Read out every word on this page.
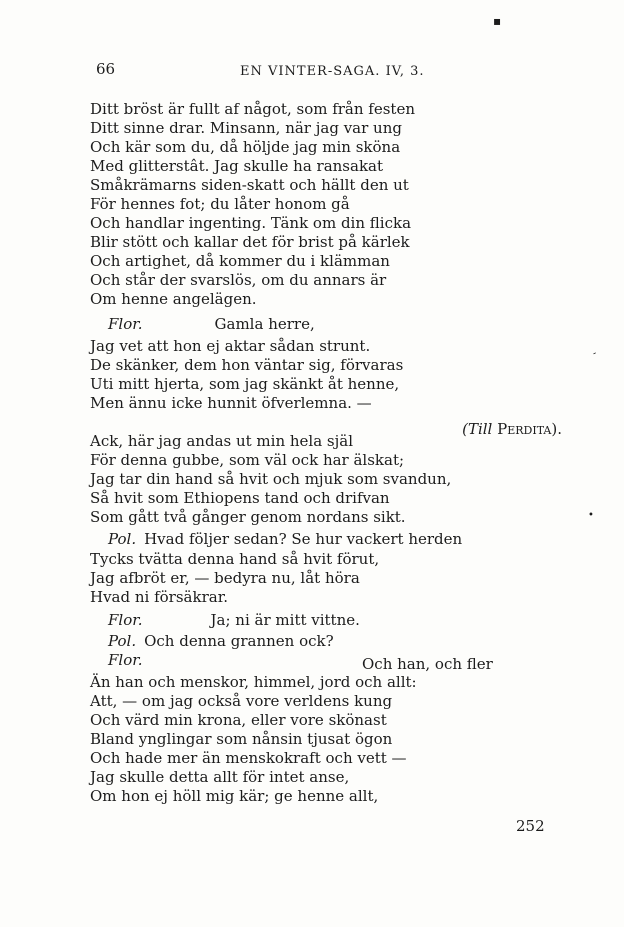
66	EN VINTER-SAGA. IV, 3.
▪
-
•
Ditt bröst är fullt af något, som från festen
Ditt sinne drar. Minsann, när jag var ung
Och kär som du, då höljde jag min sköna
Med glitterstât. Jag skulle ha ransakat
Småkrämarns siden-skatt och hällt den ut
För hennes fot; du låter honom gå
Och handlar ingenting. Tänk om din flicka
Blir stött och kallar det för brist på kärlek
Och artighet, då kommer du i klämman
Och står der svarslös, om du annars är
Om henne angelägen.
Flor.	Gamla herre,
Jag vet att hon ej aktar sådan strunt.
De skänker, dem hon väntar sig, förvaras
Uti mitt hjerta, som jag skänkt åt henne,
Men ännu icke hunnit öfverlemna. —
(Till Perdita).
Ack, här jag andas ut min hela själ
För denna gubbe, som väl ock har älskat;
Jag tar din hand så hvit och mjuk som svandun,
Så hvit som Ethiopens tand och drifvan
Som gått två gånger genom nordans sikt.
Pol. Hvad följer sedan? Se hur vackert herden
Tycks tvätta denna hand så hvit förut,
Jag afbröt er, — bedyra nu, låt höra
Hvad ni försäkrar.
Flor.	Ja; ni är mitt vittne.
Pol. Och denna grannen ock?
Flor.	Och han, och fler
Än han och menskor, himmel, jord och allt:
Att, — om jag också vore verldens kung
Och värd min krona, eller vore skönast
Bland ynglingar som nånsin tjusat ögon
Och hade mer än menskokraft och vett —
Jag skulle detta allt för intet anse,
Om hon ej höll mig kär; ge henne allt,
252
